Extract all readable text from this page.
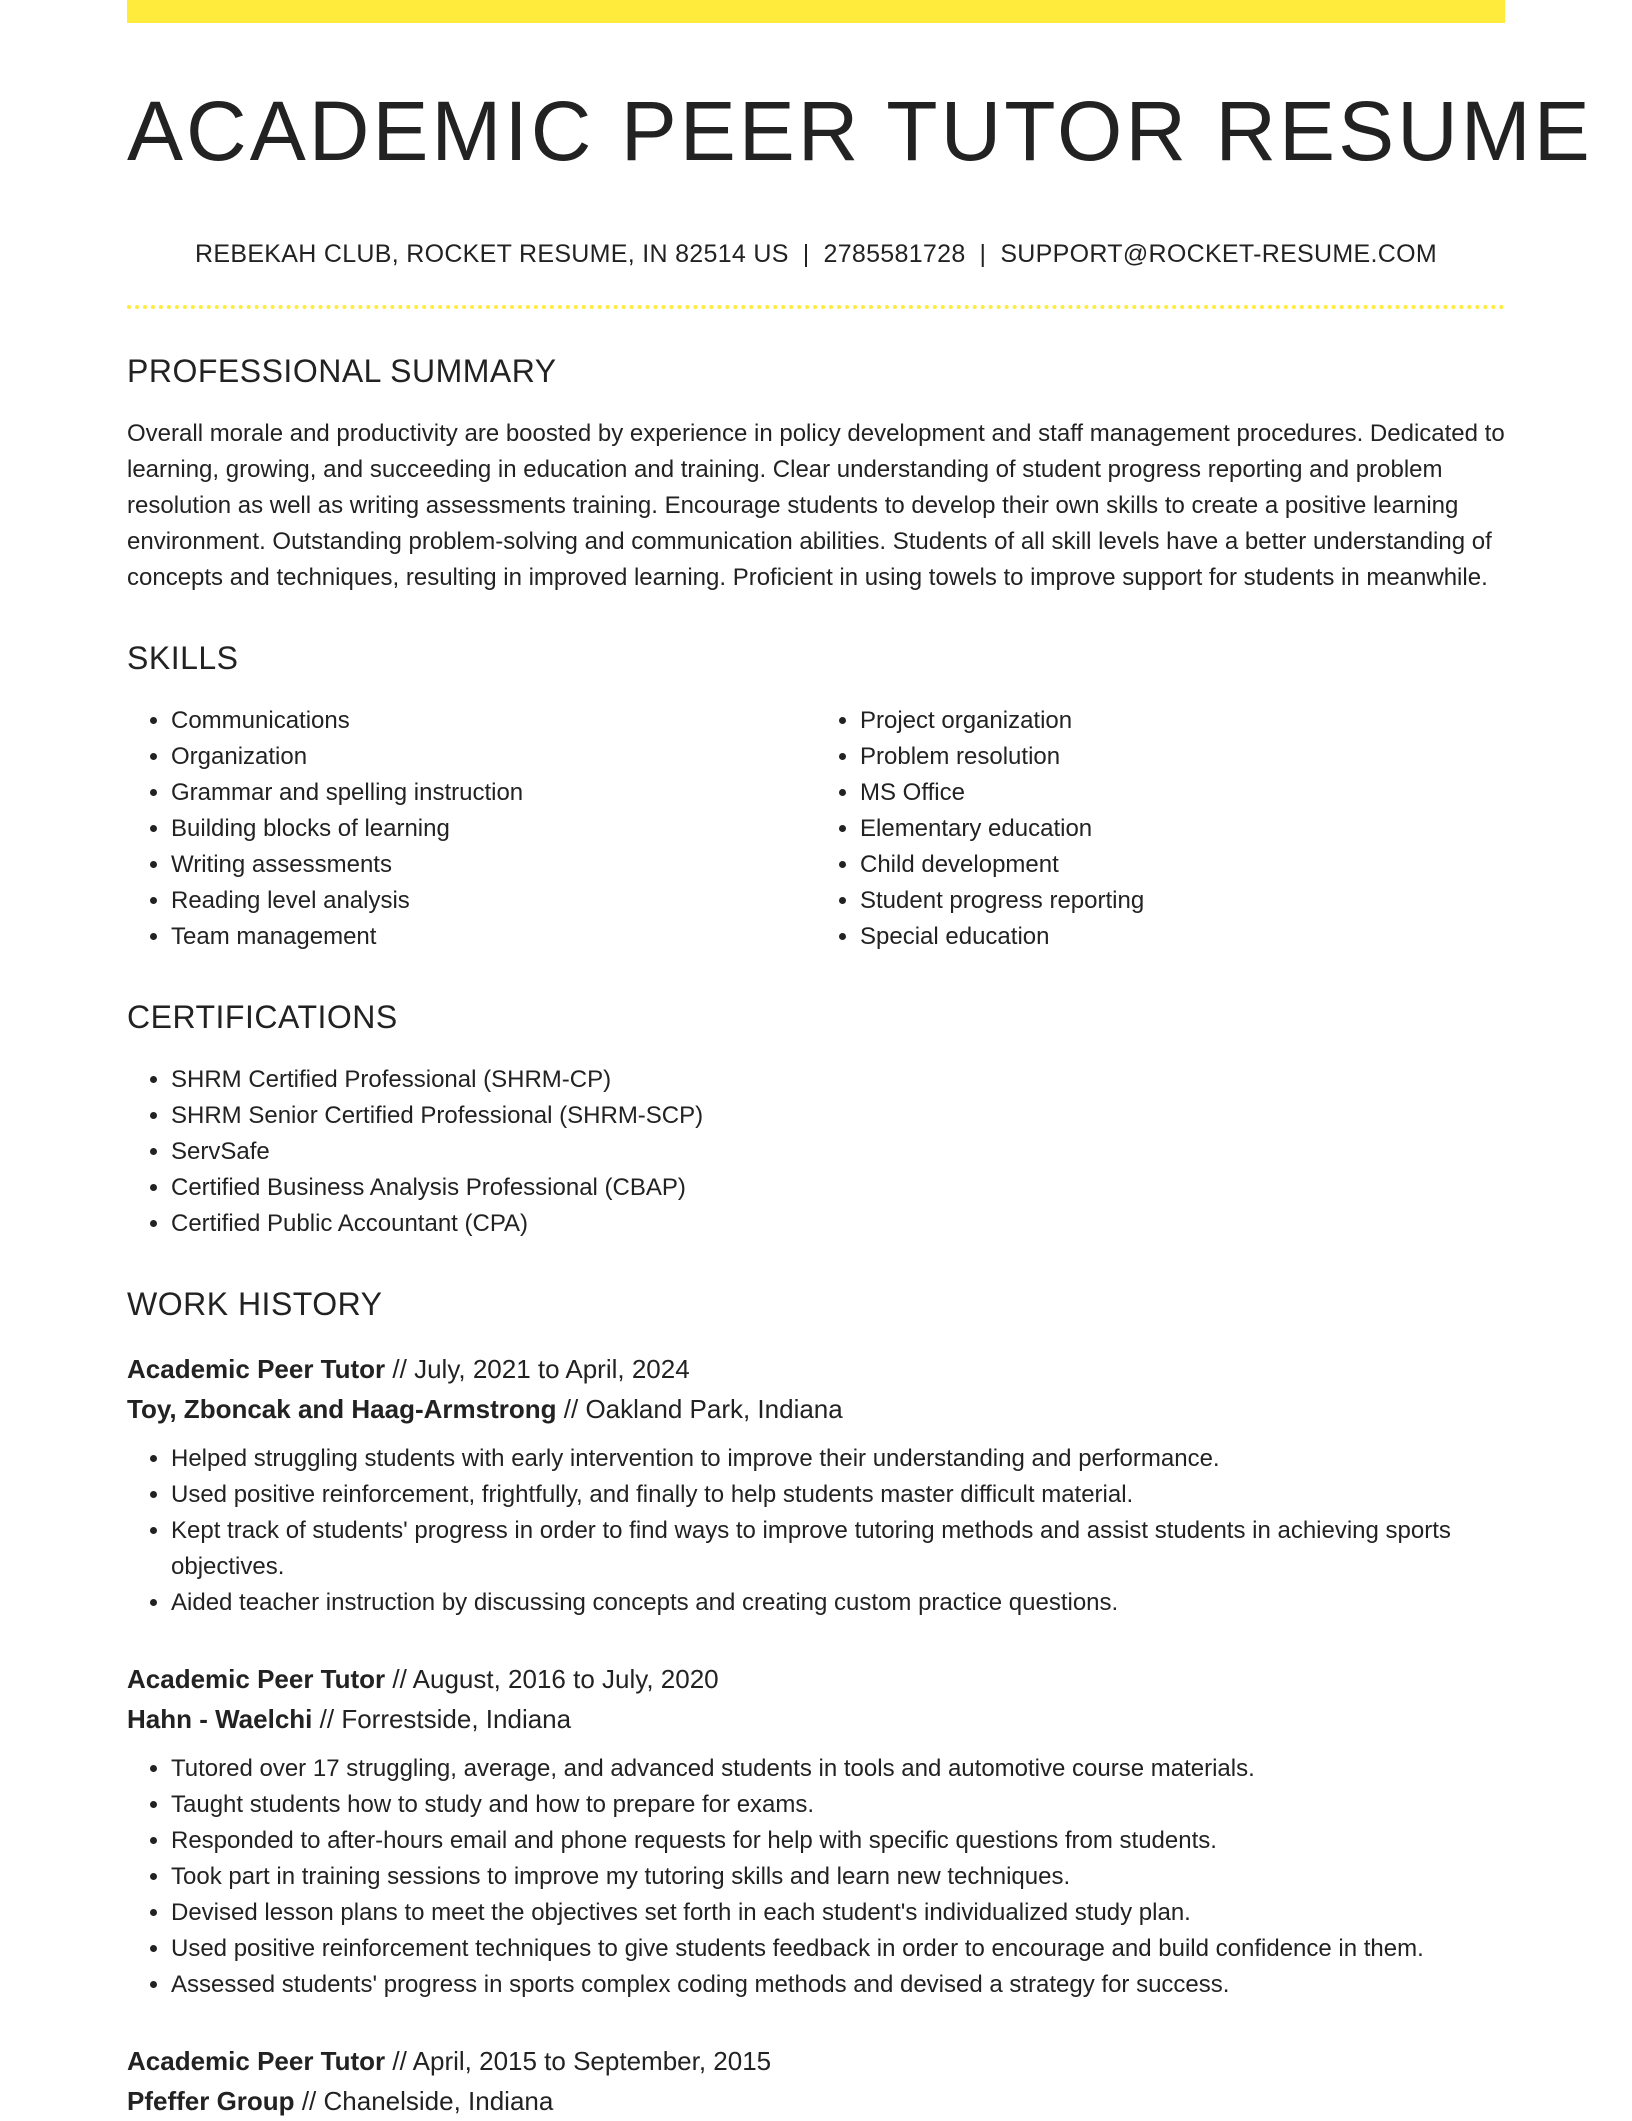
ACADEMIC PEER TUTOR RESUME
REBEKAH CLUB, ROCKET RESUME, IN 82514 US | 2785581728 | SUPPORT@ROCKET-RESUME.COM
PROFESSIONAL SUMMARY

Overall morale and productivity are boosted by experience in policy development and staff management procedures. Dedicated to learning, growing, and succeeding in education and training. Clear understanding of student progress reporting and problem resolution as well as writing assessments training. Encourage students to develop their own skills to create a positive learning environment. Outstanding problem-solving and communication abilities. Students of all skill levels have a better understanding of concepts and techniques, resulting in improved learning. Proficient in using towels to improve support for students in meanwhile.

SKILLS
• Communications
• Organization
• Grammar and spelling instruction
• Building blocks of learning
• Writing assessments
• Reading level analysis
• Team management
• Project organization
• Problem resolution
• MS Office
• Elementary education
• Child development
• Student progress reporting
• Special education
CERTIFICATIONS
• SHRM Certified Professional (SHRM-CP)
• SHRM Senior Certified Professional (SHRM-SCP)
• ServSafe
• Certified Business Analysis Professional (CBAP)
• Certified Public Accountant (CPA)
WORK HISTORY
Academic Peer Tutor // July, 2021 to April, 2024
Toy, Zboncak and Haag-Armstrong // Oakland Park, Indiana
• Helped struggling students with early intervention to improve their understanding and performance.
• Used positive reinforcement, frightfully, and finally to help students master difficult material.
• Kept track of students' progress in order to find ways to improve tutoring methods and assist students in achieving sports objectives.
• Aided teacher instruction by discussing concepts and creating custom practice questions.
Academic Peer Tutor // August, 2016 to July, 2020
Hahn - Waelchi // Forrestside, Indiana
• Tutored over 17 struggling, average, and advanced students in tools and automotive course materials.
• Taught students how to study and how to prepare for exams.
• Responded to after-hours email and phone requests for help with specific questions from students.
• Took part in training sessions to improve my tutoring skills and learn new techniques.
• Devised lesson plans to meet the objectives set forth in each student's individualized study plan.
• Used positive reinforcement techniques to give students feedback in order to encourage and build confidence in them.
• Assessed students' progress in sports complex coding methods and devised a strategy for success.
Academic Peer Tutor // April, 2015 to September, 2015
Pfeffer Group // Chanelside, Indiana
